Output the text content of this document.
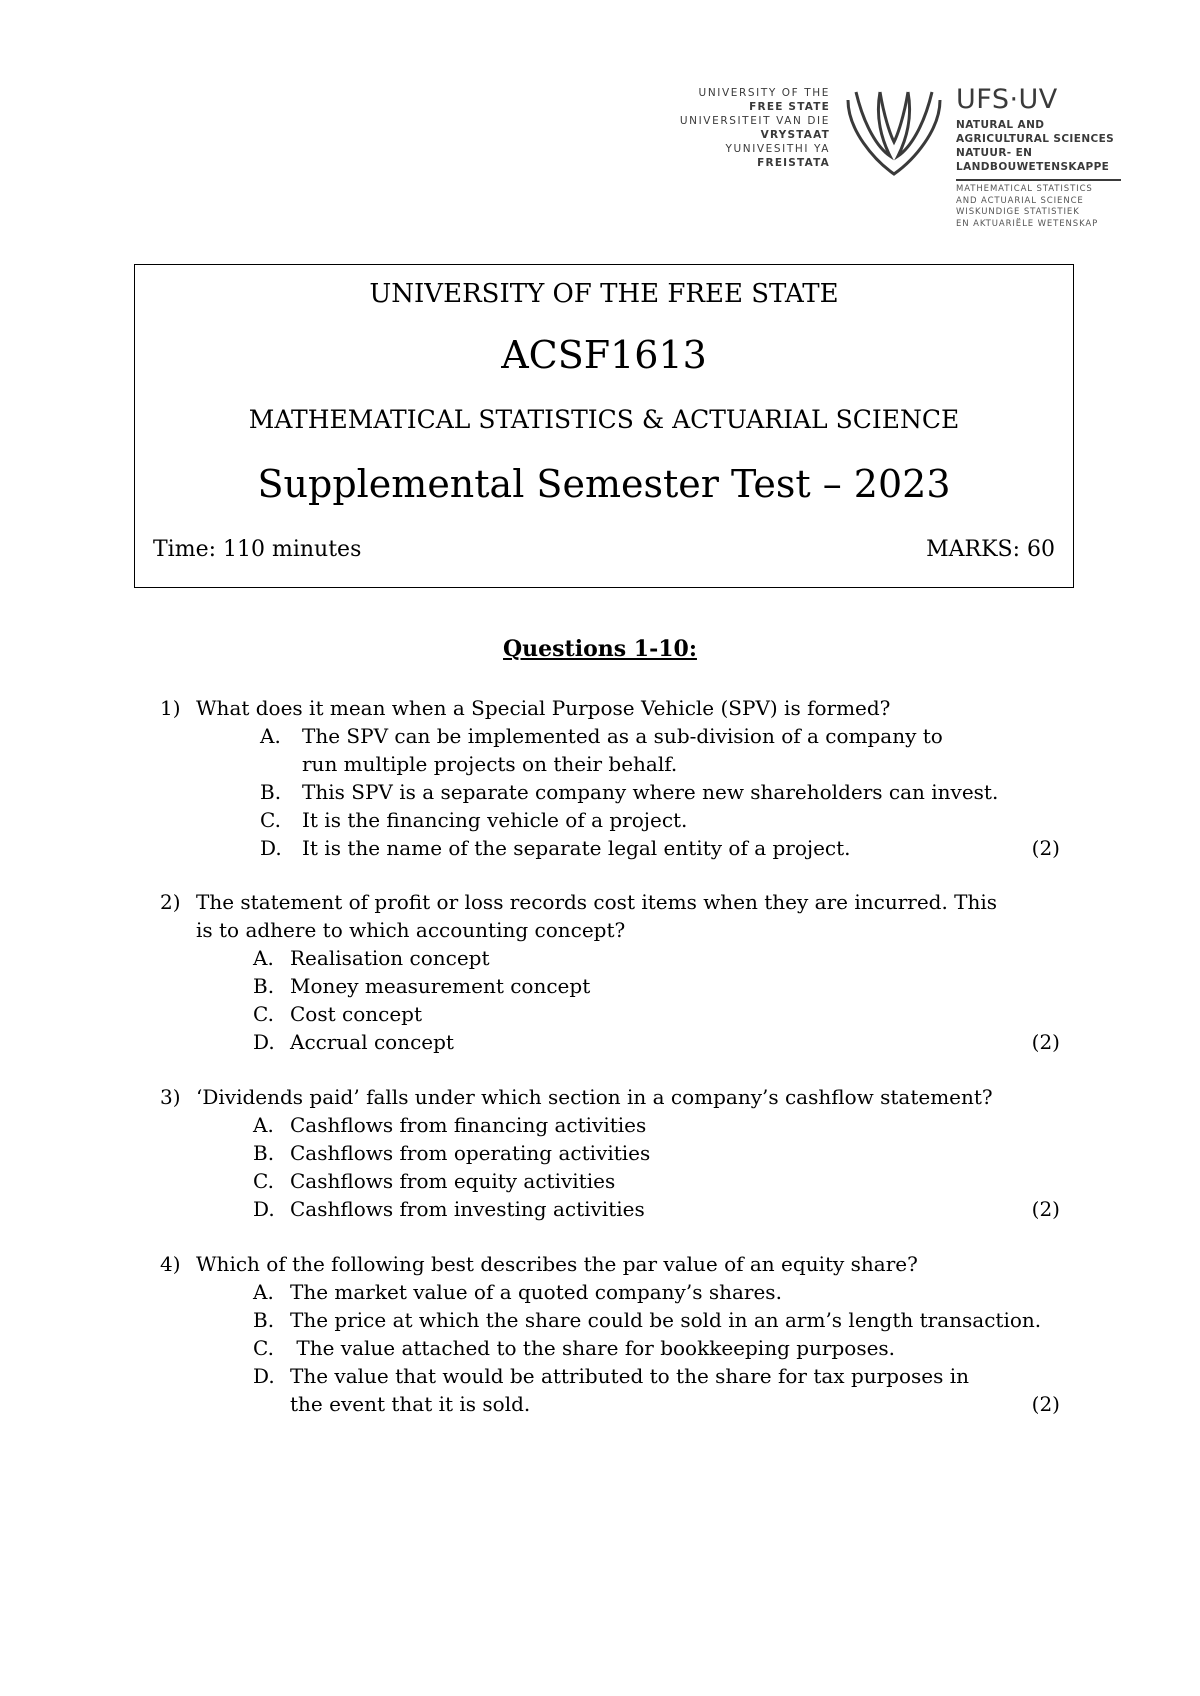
UNIVERSITY OF THE
FREE STATE
UNIVERSITEIT VAN DIE
VRYSTAAT
YUNIVESITHI YA
FREISTATA
UFS·UV
NATURAL AND
AGRICULTURAL SCIENCES
NATUUR- EN
LANDBOUWETENSKAPPE
MATHEMATICAL STATISTICS
AND ACTUARIAL SCIENCE
WISKUNDIGE STATISTIEK
EN AKTUARIËLE WETENSKAP
UNIVERSITY OF THE FREE STATE
ACSF1613
MATHEMATICAL STATISTICS & ACTUARIAL SCIENCE
Supplemental Semester Test – 2023
Time: 110 minutes	MARKS: 60
Questions 1-10:
1) What does it mean when a Special Purpose Vehicle (SPV) is formed?
A. The SPV can be implemented as a sub-division of a company to run multiple projects on their behalf.
B. This SPV is a separate company where new shareholders can invest.
C. It is the financing vehicle of a project.
D. It is the name of the separate legal entity of a project.	(2)
2) The statement of profit or loss records cost items when they are incurred. This is to adhere to which accounting concept?
A. Realisation concept
B. Money measurement concept
C. Cost concept
D. Accrual concept	(2)
3) ‘Dividends paid’ falls under which section in a company’s cashflow statement?
A. Cashflows from financing activities
B. Cashflows from operating activities
C. Cashflows from equity activities
D. Cashflows from investing activities	(2)
4) Which of the following best describes the par value of an equity share?
A. The market value of a quoted company’s shares.
B. The price at which the share could be sold in an arm’s length transaction.
C. The value attached to the share for bookkeeping purposes.
D. The value that would be attributed to the share for tax purposes in the event that it is sold.	(2)
